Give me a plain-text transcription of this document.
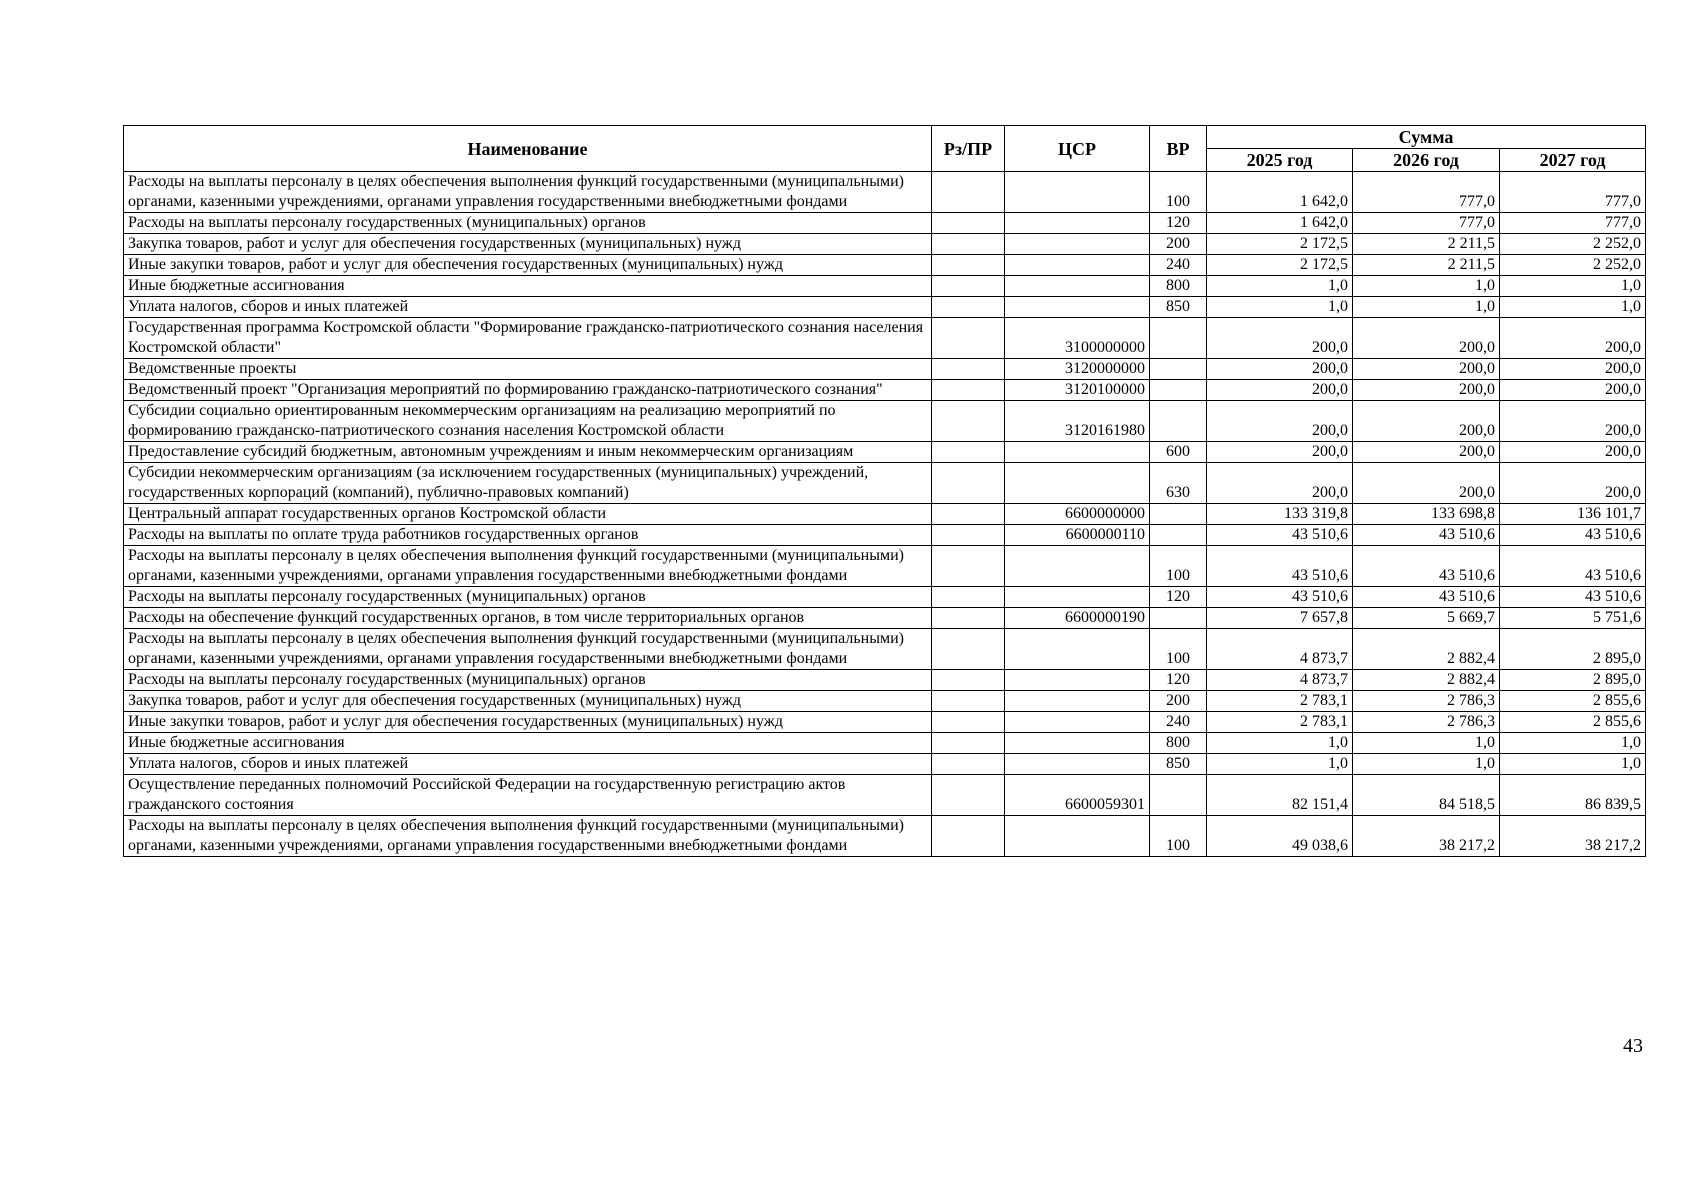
Наименование	Рз/ПР	ЦСР	ВР	Сумма		
				2025 год	2026 год	2027 год
Расходы на выплаты персоналу в целях обеспечения выполнения функций государственными (муниципальными) органами, казенными учреждениями, органами управления государственными внебюджетными фондами			100	1 642,0	777,0	777,0
Расходы на выплаты персоналу государственных (муниципальных) органов			120	1 642,0	777,0	777,0
Закупка товаров, работ и услуг для обеспечения государственных (муниципальных) нужд			200	2 172,5	2 211,5	2 252,0
Иные закупки товаров, работ и услуг для обеспечения государственных (муниципальных) нужд			240	2 172,5	2 211,5	2 252,0
Иные бюджетные ассигнования			800	1,0	1,0	1,0
Уплата налогов, сборов и иных платежей			850	1,0	1,0	1,0
Государственная программа Костромской области "Формирование гражданско-патриотического сознания населения Костромской области"		3100000000		200,0	200,0	200,0
Ведомственные проекты		3120000000		200,0	200,0	200,0
Ведомственный проект "Организация мероприятий по формированию гражданско-патриотического сознания"		3120100000		200,0	200,0	200,0
Субсидии социально ориентированным некоммерческим организациям на реализацию мероприятий по формированию гражданско-патриотического сознания населения Костромской области		3120161980		200,0	200,0	200,0
Предоставление субсидий бюджетным, автономным учреждениям и иным некоммерческим организациям			600	200,0	200,0	200,0
Субсидии некоммерческим организациям (за исключением государственных (муниципальных) учреждений, государственных корпораций (компаний), публично-правовых компаний)			630	200,0	200,0	200,0
Центральный аппарат государственных органов Костромской области		6600000000		133 319,8	133 698,8	136 101,7
Расходы на выплаты по оплате труда работников государственных органов		6600000110		43 510,6	43 510,6	43 510,6
Расходы на выплаты персоналу в целях обеспечения выполнения функций государственными (муниципальными) органами, казенными учреждениями, органами управления государственными внебюджетными фондами			100	43 510,6	43 510,6	43 510,6
Расходы на выплаты персоналу государственных (муниципальных) органов			120	43 510,6	43 510,6	43 510,6
Расходы на обеспечение функций государственных органов, в том числе территориальных органов		6600000190		7 657,8	5 669,7	5 751,6
Расходы на выплаты персоналу в целях обеспечения выполнения функций государственными (муниципальными) органами, казенными учреждениями, органами управления государственными внебюджетными фондами			100	4 873,7	2 882,4	2 895,0
Расходы на выплаты персоналу государственных (муниципальных) органов			120	4 873,7	2 882,4	2 895,0
Закупка товаров, работ и услуг для обеспечения государственных (муниципальных) нужд			200	2 783,1	2 786,3	2 855,6
Иные закупки товаров, работ и услуг для обеспечения государственных (муниципальных) нужд			240	2 783,1	2 786,3	2 855,6
Иные бюджетные ассигнования			800	1,0	1,0	1,0
Уплата налогов, сборов и иных платежей			850	1,0	1,0	1,0
Осуществление переданных полномочий Российской Федерации на государственную регистрацию актов гражданского состояния		6600059301		82 151,4	84 518,5	86 839,5
Расходы на выплаты персоналу в целях обеспечения выполнения функций государственными (муниципальными) органами, казенными учреждениями, органами управления государственными внебюджетными фондами			100	49 038,6	38 217,2	38 217,2
43
